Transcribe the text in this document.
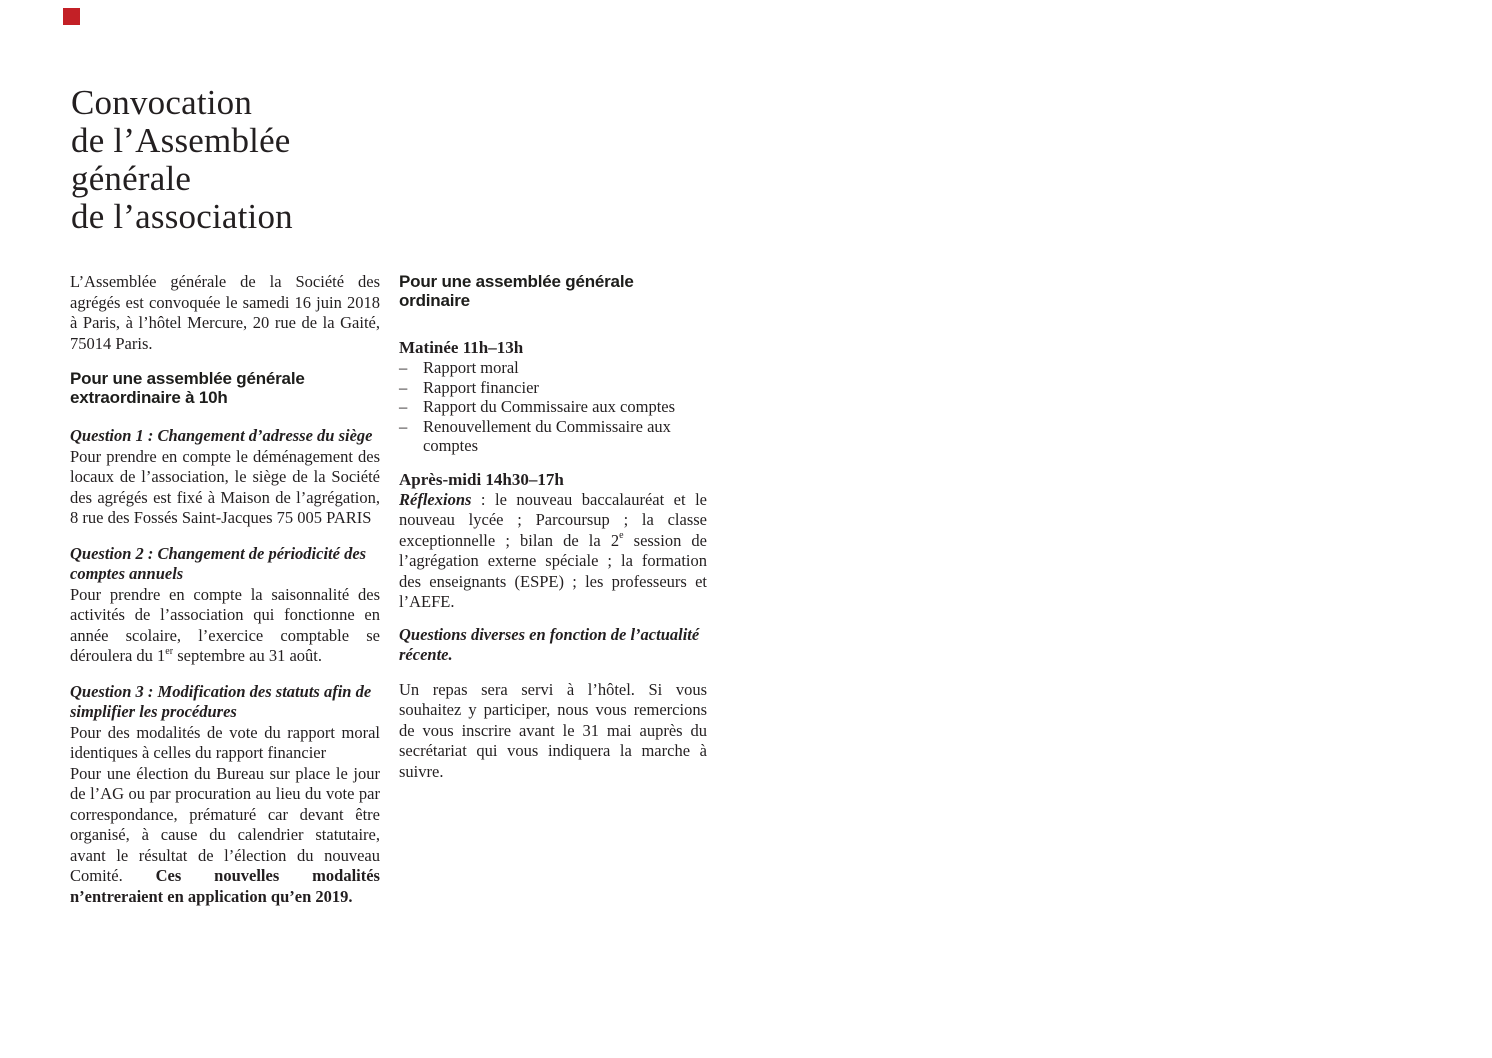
Convocation
de l’Assemblée
générale
de l’association

L’Assemblée générale de la Société des agrégés est convoquée le samedi 16 juin 2018 à Paris, à l’hôtel Mercure, 20 rue de la Gaité, 75014 Paris.

Pour une assemblée générale
extraordinaire à 10h
Question 1 : Changement d’adresse du siège

Pour prendre en compte le déménagement des locaux de l’association, le siège de la Société des agrégés est fixé à Maison de l’agrégation, 8 rue des Fossés Saint-Jacques 75 005 PARIS

Question 2 : Changement de périodicité des comptes annuels

Pour prendre en compte la saisonnalité des activités de l’association qui fonctionne en année scolaire, l’exercice comptable se déroulera du 1er septembre au 31 août.

Question 3 : Modification des statuts afin de simplifier les procédures

Pour des modalités de vote du rapport moral identiques à celles du rapport financier

Pour une élection du Bureau sur place le jour de l’AG ou par procuration au lieu du vote par correspondance, prématuré car devant être organisé, à cause du calendrier statutaire, avant le résultat de l’élection du nouveau Comité. Ces nouvelles modalités n’entreraient en application qu’en 2019.

Pour une assemblée générale
ordinaire
Matinée 11h–13h
– Rapport moral
– Rapport financier
– Rapport du Commissaire aux comptes
– Renouvellement du Commissaire aux comptes
Après-midi 14h30–17h

Réflexions : le nouveau baccalauréat et le nouveau lycée ; Parcoursup ; la classe exceptionnelle ; bilan de la 2e session de l’agrégation externe spéciale ; la formation des enseignants (ESPE) ; les professeurs et l’AEFE.

Questions diverses en fonction de l’actualité récente.

Un repas sera servi à l’hôtel. Si vous souhaitez y participer, nous vous remercions de vous inscrire avant le 31 mai auprès du secrétariat qui vous indiquera la marche à suivre.
